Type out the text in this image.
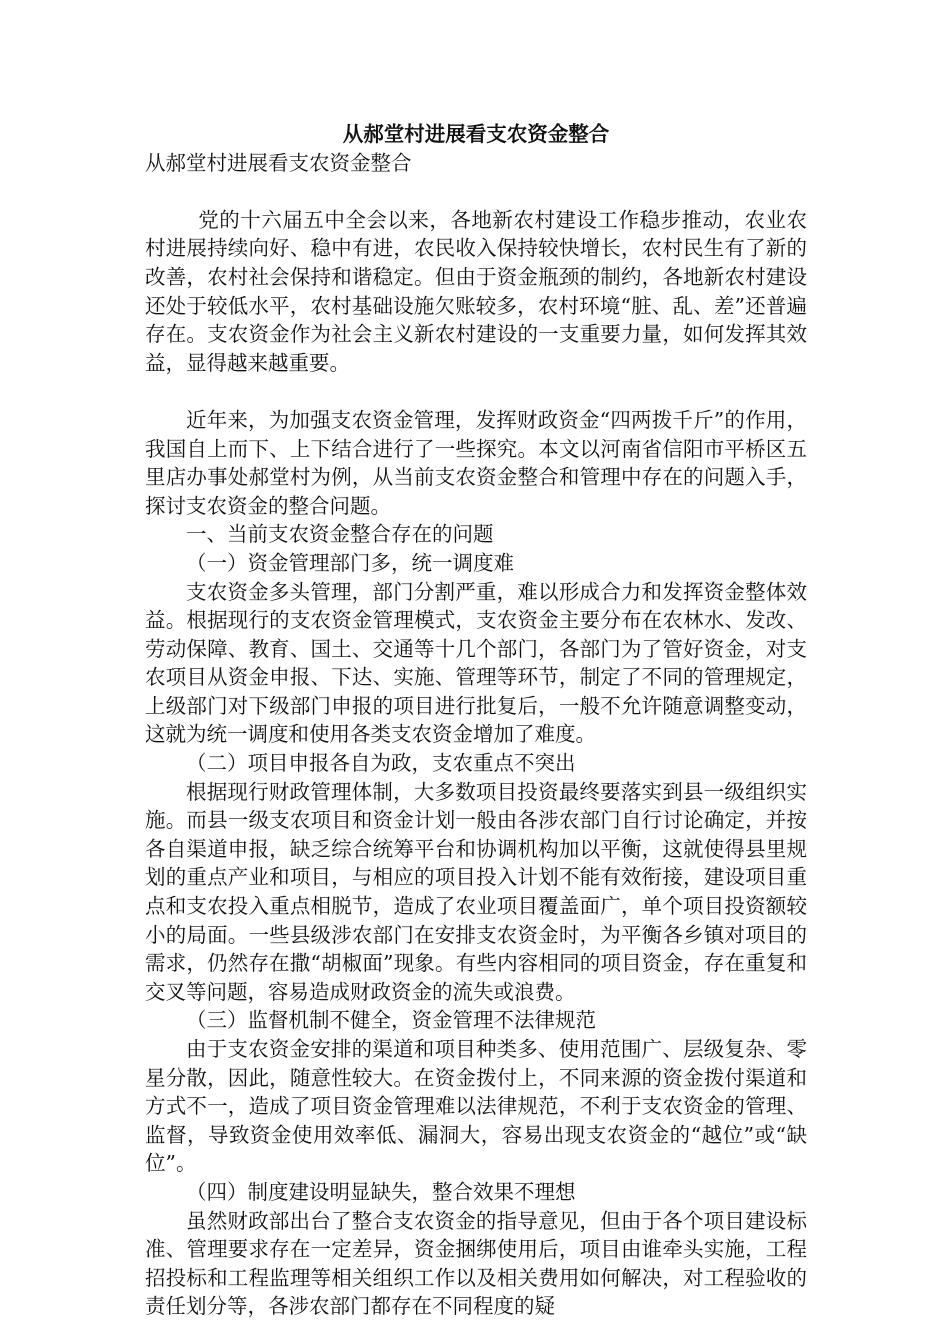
从郝堂村进展看支农资金整合

从郝堂村进展看支农资金整合

党的十六届五中全会以来，各地新农村建设工作稳步推动，农业农村进展持续向好、稳中有进，农民收入保持较快增长，农村民生有了新的改善，农村社会保持和谐稳定。但由于资金瓶颈的制约，各地新农村建设还处于较低水平，农村基础设施欠账较多，农村环境“脏、乱、差”还普遍存在。支农资金作为社会主义新农村建设的一支重要力量，如何发挥其效益，显得越来越重要。

近年来，为加强支农资金管理，发挥财政资金“四两拨千斤”的作用，我国自上而下、上下结合进行了一些探究。本文以河南省信阳市平桥区五里店办事处郝堂村为例，从当前支农资金整合和管理中存在的问题入手，探讨支农资金的整合问题。

一、当前支农资金整合存在的问题

（一）资金管理部门多，统一调度难

支农资金多头管理，部门分割严重，难以形成合力和发挥资金整体效益。根据现行的支农资金管理模式，支农资金主要分布在农林水、发改、劳动保障、教育、国土、交通等十几个部门，各部门为了管好资金，对支农项目从资金申报、下达、实施、管理等环节，制定了不同的管理规定，上级部门对下级部门申报的项目进行批复后，一般不允许随意调整变动，这就为统一调度和使用各类支农资金增加了难度。

（二）项目申报各自为政，支农重点不突出

根据现行财政管理体制，大多数项目投资最终要落实到县一级组织实施。而县一级支农项目和资金计划一般由各涉农部门自行讨论确定，并按各自渠道申报，缺乏综合统筹平台和协调机构加以平衡，这就使得县里规划的重点产业和项目，与相应的项目投入计划不能有效衔接，建设项目重点和支农投入重点相脱节，造成了农业项目覆盖面广，单个项目投资额较小的局面。一些县级涉农部门在安排支农资金时，为平衡各乡镇对项目的需求，仍然存在撒“胡椒面”现象。有些内容相同的项目资金，存在重复和交叉等问题，容易造成财政资金的流失或浪费。

（三）监督机制不健全，资金管理不法律规范

由于支农资金安排的渠道和项目种类多、使用范围广、层级复杂、零星分散，因此，随意性较大。在资金拨付上，不同来源的资金拨付渠道和方式不一，造成了项目资金管理难以法律规范，不利于支农资金的管理、监督，导致资金使用效率低、漏洞大，容易出现支农资金的“越位”或“缺位”。

（四）制度建设明显缺失，整合效果不理想

虽然财政部出台了整合支农资金的指导意见，但由于各个项目建设标准、管理要求存在一定差异，资金捆绑使用后，项目由谁牵头实施，工程招投标和工程监理等相关组织工作以及相关费用如何解决，对工程验收的责任划分等，各涉农部门都存在不同程度的疑
